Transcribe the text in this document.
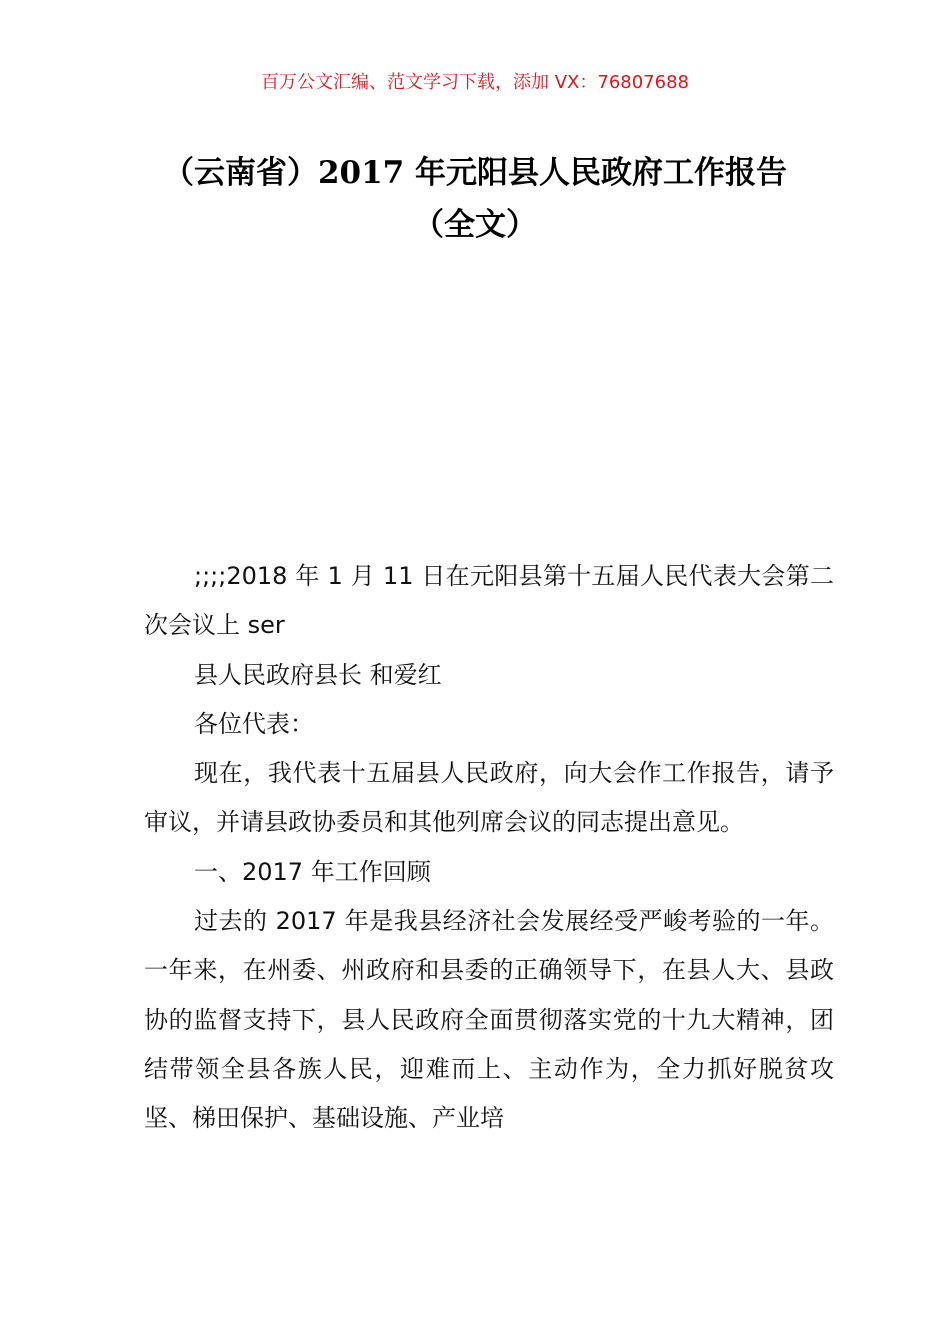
百万公文汇编、范文学习下载，添加 VX：76807688
（云南省）2017 年元阳县人民政府工作报告（全文）

;;;;2018 年 1 月 11 日在元阳县第十五届人民代表大会第二次会议上 ser

县人民政府县长 和爱红

各位代表：

现在，我代表十五届县人民政府，向大会作工作报告，请予审议，并请县政协委员和其他列席会议的同志提出意见。

一、2017 年工作回顾

过去的 2017 年是我县经济社会发展经受严峻考验的一年。一年来，在州委、州政府和县委的正确领导下，在县人大、县政协的监督支持下，县人民政府全面贯彻落实党的十九大精神，团结带领全县各族人民，迎难而上、主动作为，全力抓好脱贫攻坚、梯田保护、基础设施、产业培
